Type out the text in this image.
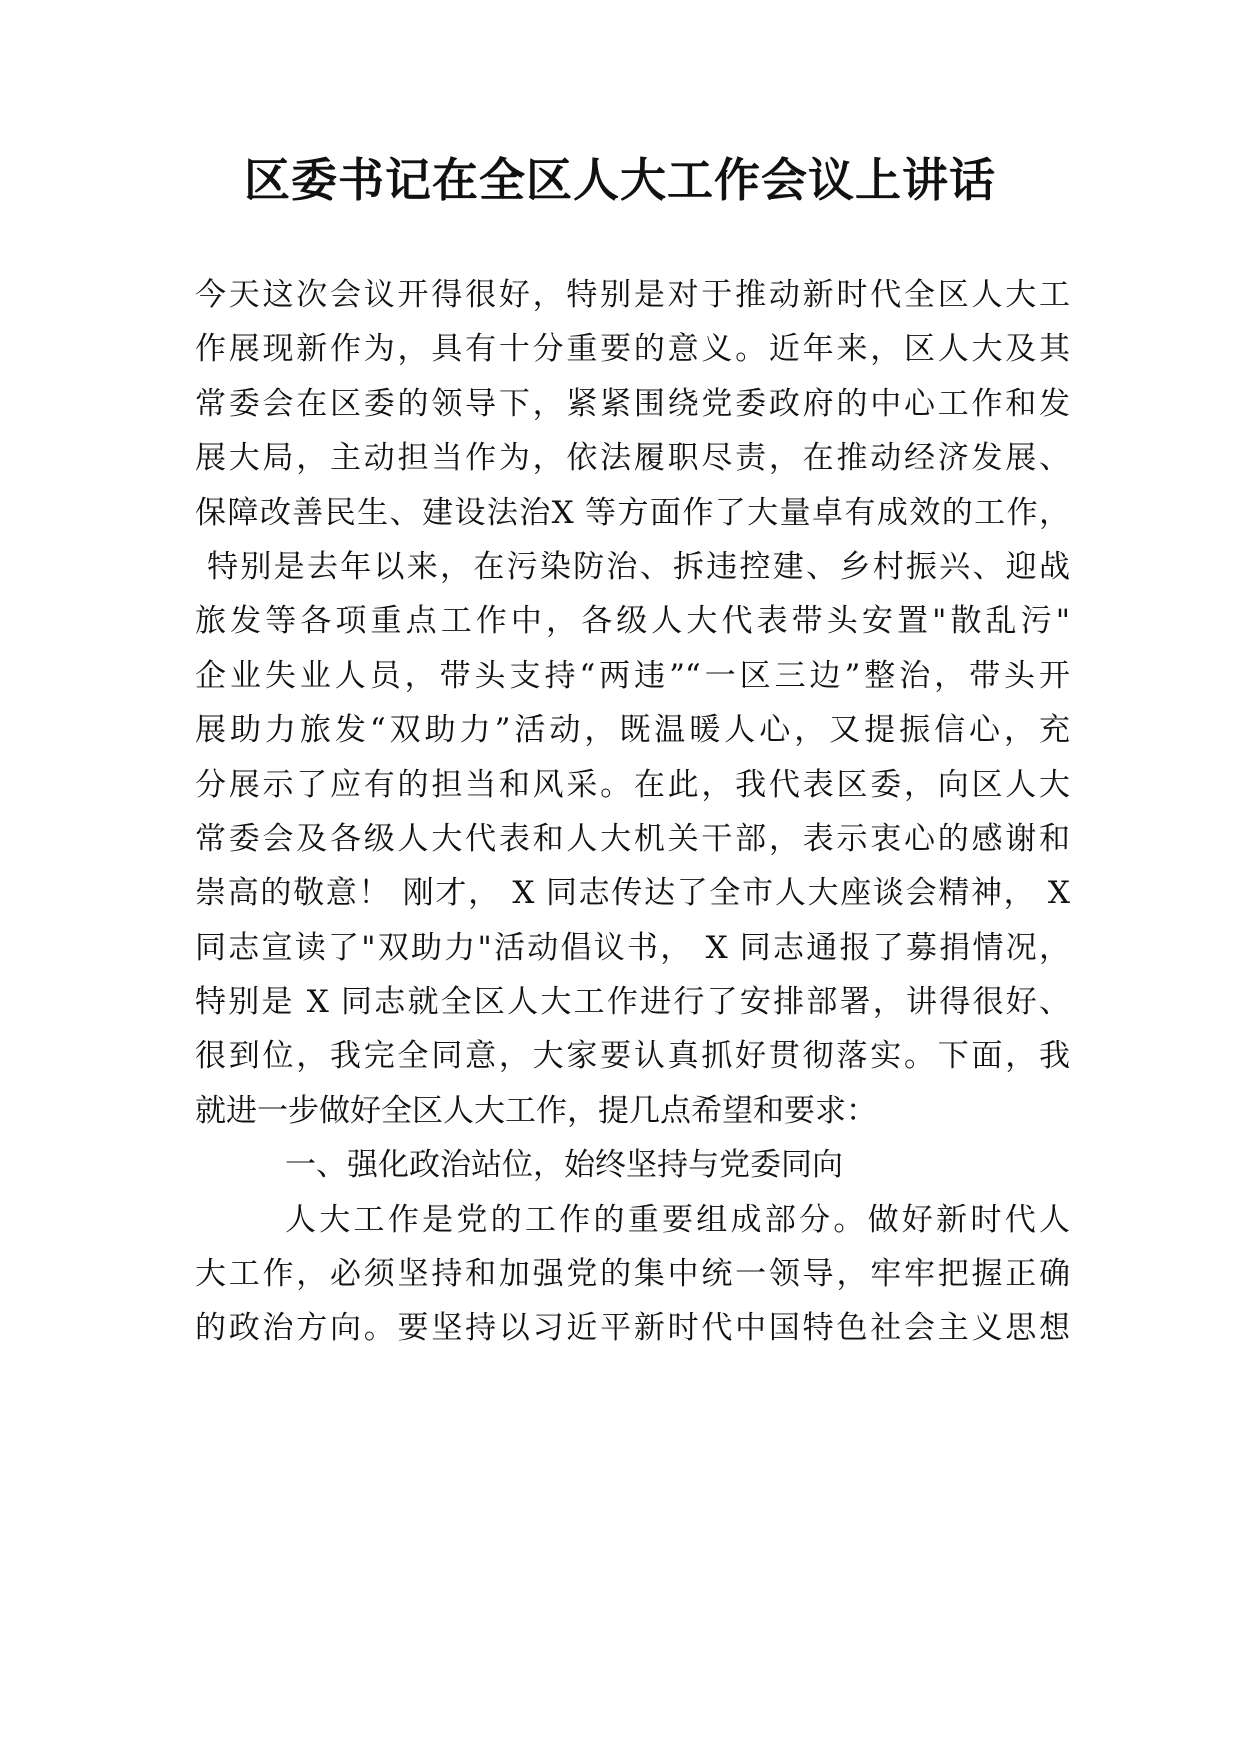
区委书记在全区人大工作会议上讲话
今天这次会议开得很好，特别是对于推动新时代全区人大工
作展现新作为，具有十分重要的意义。近年来，区人大及其
常委会在区委的领导下，紧紧围绕党委政府的中心工作和发
展大局，主动担当作为，依法履职尽责，在推动经济发展、
保障改善民生、建设法治X 等方面作了大量卓有成效的工作，
特别是去年以来，在污染防治、拆违控建、乡村振兴、迎战
旅发等各项重点工作中，各级人大代表带头安置"散乱污"
企业失业人员，带头支持“两违”“一区三边”整治，带头开
展助力旅发“双助力”活动，既温暖人心，又提振信心，充
分展示了应有的担当和风采。在此，我代表区委，向区人大
常委会及各级人大代表和人大机关干部，表示衷心的感谢和
崇高的敬意！ 刚才， X 同志传达了全市人大座谈会精神， X
同志宣读了"双助力"活动倡议书， X 同志通报了募捐情况，
特别是 X 同志就全区人大工作进行了安排部署，讲得很好、
很到位，我完全同意，大家要认真抓好贯彻落实。下面，我
就进一步做好全区人大工作，提几点希望和要求：
一、强化政治站位，始终坚持与党委同向
人大工作是党的工作的重要组成部分。做好新时代人
大工作，必须坚持和加强党的集中统一领导，牢牢把握正确
的政治方向。要坚持以习近平新时代中国特色社会主义思想
